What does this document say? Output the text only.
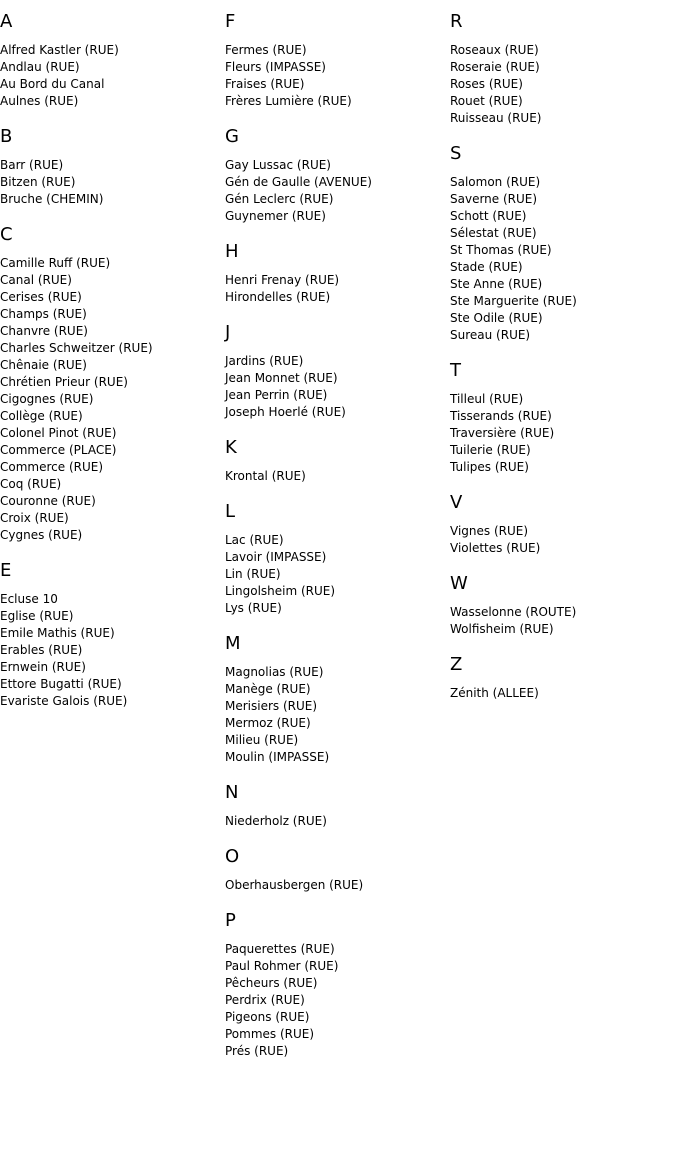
A
Alfred Kastler (RUE)
Andlau (RUE)
Au Bord du Canal
Aulnes (RUE)
B
Barr (RUE)
Bitzen (RUE)
Bruche (CHEMIN)
C
Camille Ruff (RUE)
Canal (RUE)
Cerises (RUE)
Champs (RUE)
Chanvre (RUE)
Charles Schweitzer (RUE)
Chênaie (RUE)
Chrétien Prieur (RUE)
Cigognes (RUE)
Collège (RUE)
Colonel Pinot (RUE)
Commerce (PLACE)
Commerce (RUE)
Coq (RUE)
Couronne (RUE)
Croix (RUE)
Cygnes (RUE)
E
Ecluse 10
Eglise (RUE)
Emile Mathis (RUE)
Erables (RUE)
Ernwein (RUE)
Ettore Bugatti (RUE)
Evariste Galois (RUE)
F
Fermes (RUE)
Fleurs (IMPASSE)
Fraises (RUE)
Frères Lumière (RUE)
G
Gay Lussac (RUE)
Gén de Gaulle (AVENUE)
Gén Leclerc (RUE)
Guynemer (RUE)
H
Henri Frenay (RUE)
Hirondelles (RUE)
J
Jardins (RUE)
Jean Monnet (RUE)
Jean Perrin (RUE)
Joseph Hoerlé (RUE)
K
Krontal (RUE)
L
Lac (RUE)
Lavoir (IMPASSE)
Lin (RUE)
Lingolsheim (RUE)
Lys (RUE)
M
Magnolias (RUE)
Manège (RUE)
Merisiers (RUE)
Mermoz (RUE)
Milieu (RUE)
Moulin (IMPASSE)
N
Niederholz (RUE)
O
Oberhausbergen (RUE)
P
Paquerettes (RUE)
Paul Rohmer (RUE)
Pêcheurs (RUE)
Perdrix (RUE)
Pigeons (RUE)
Pommes (RUE)
Prés (RUE)
R
Roseaux (RUE)
Roseraie (RUE)
Roses (RUE)
Rouet (RUE)
Ruisseau (RUE)
S
Salomon (RUE)
Saverne (RUE)
Schott (RUE)
Sélestat (RUE)
St Thomas (RUE)
Stade (RUE)
Ste Anne (RUE)
Ste Marguerite (RUE)
Ste Odile (RUE)
Sureau (RUE)
T
Tilleul (RUE)
Tisserands (RUE)
Traversière (RUE)
Tuilerie (RUE)
Tulipes (RUE)
V
Vignes (RUE)
Violettes (RUE)
W
Wasselonne (ROUTE)
Wolfisheim (RUE)
Z
Zénith (ALLEE)
